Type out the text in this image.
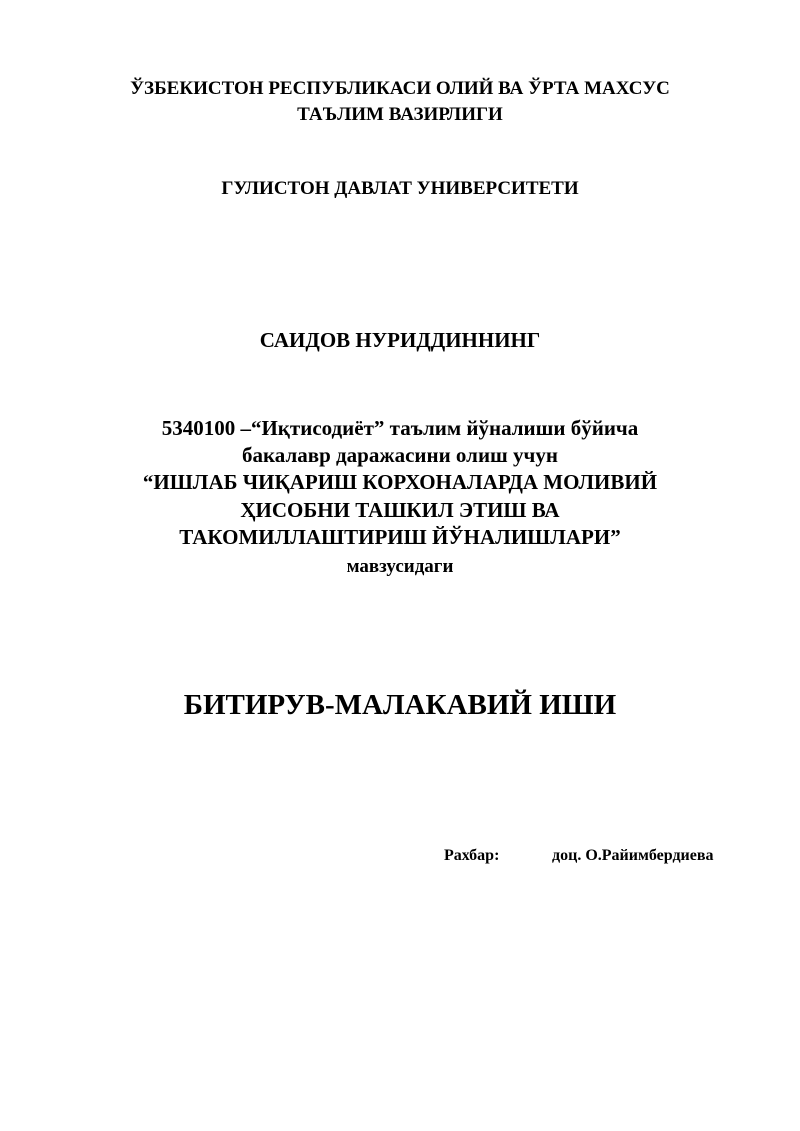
ЎЗБЕКИСТОН РЕСПУБЛИКАСИ ОЛИЙ ВА ЎРТА МАХСУС
ТАЪЛИМ ВАЗИРЛИГИ
ГУЛИСТОН ДАВЛАТ УНИВЕРСИТЕТИ
САИДОВ НУРИДДИННИНГ
5340100 –“Иқтисодиёт” таълим йўналиши бўйича
бакалавр даражасини олиш учун
“ИШЛАБ ЧИҚАРИШ КОРХОНАЛАРДА МОЛИВИЙ
ҲИСОБНИ ТАШКИЛ ЭТИШ ВА
ТАКОМИЛЛАШТИРИШ ЙЎНАЛИШЛАРИ”
мавзусидаги
БИТИРУВ-МАЛАКАВИЙ ИШИ
Рахбар:	доц. О.Райимбердиева
